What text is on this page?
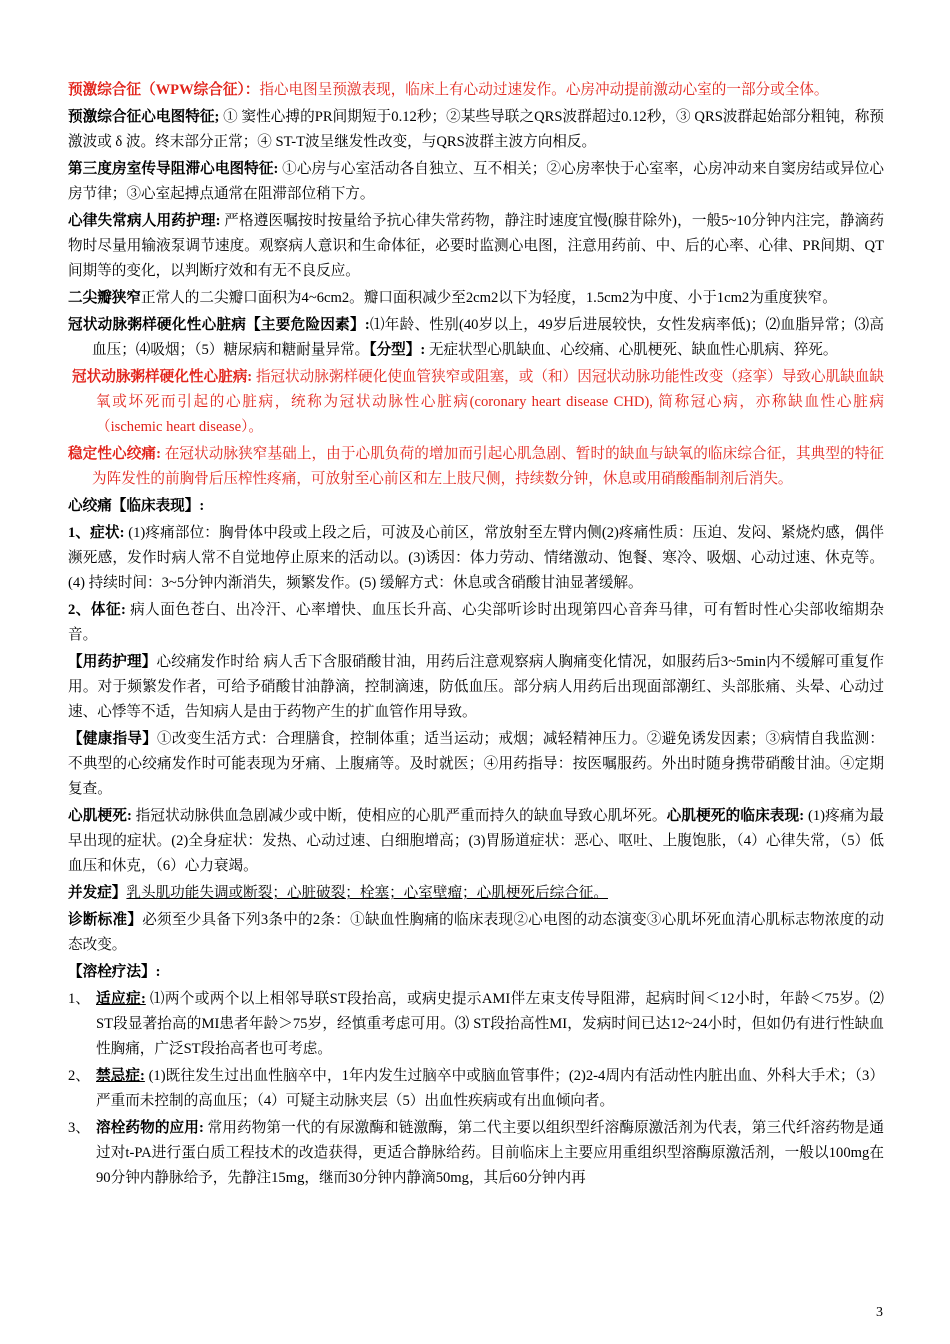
预激综合征（WPW综合征）：指心电图呈预激表现，临床上有心动过速发作。心房冲动提前激动心室的一部分或全体。

预激综合征心电图特征; ① 窦性心搏的PR间期短于0.12秒；②某些导联之QRS波群超过0.12秒，③ QRS波群起始部分粗钝，称预激波或 δ 波。终末部分正常；④ ST-T波呈继发性改变，与QRS波群主波方向相反。

第三度房室传导阻滞心电图特征: ①心房与心室活动各自独立、互不相关；②心房率快于心室率，心房冲动来自窦房结或异位心房节律；③心室起搏点通常在阻滞部位稍下方。

心律失常病人用药护理: 严格遵医嘱按时按量给予抗心律失常药物，静注时速度宜慢(腺苷除外)，一般5~10分钟内注完，静滴药物时尽量用输液泵调节速度。观察病人意识和生命体征，必要时监测心电图，注意用药前、中、后的心率、心律、PR间期、QT间期等的变化，以判断疗效和有无不良反应。

二尖瓣狭窄正常人的二尖瓣口面积为4~6cm2。瓣口面积减少至2cm2以下为轻度，1.5cm2为中度、小于1cm2为重度狭窄。

冠状动脉粥样硬化性心脏病【主要危险因素】:⑴年龄、性别(40岁以上，49岁后进展较快，女性发病率低)；⑵血脂异常；⑶高血压；⑷吸烟；（5）糖尿病和糖耐量异常。【分型】: 无症状型心肌缺血、心绞痛、心肌梗死、缺血性心肌病、猝死。

冠状动脉粥样硬化性心脏病: 指冠状动脉粥样硬化使血管狭窄或阻塞，或（和）因冠状动脉功能性改变（痉挛）导致心肌缺血缺氧或坏死而引起的心脏病，统称为冠状动脉性心脏病(coronary heart disease CHD), 简称冠心病，亦称缺血性心脏病（ischemic heart disease）。

稳定性心绞痛: 在冠状动脉狭窄基础上，由于心肌负荷的增加而引起心肌急剧、暂时的缺血与缺氧的临床综合征，其典型的特征为阵发性的前胸骨后压榨性疼痛，可放射至心前区和左上肢尺侧，持续数分钟，休息或用硝酸酯制剂后消失。

心绞痛【临床表现】:

1、症状: (1)疼痛部位：胸骨体中段或上段之后，可波及心前区，常放射至左臂内侧(2)疼痛性质：压迫、发闷、紧烧灼感，偶伴濒死感，发作时病人常不自觉地停止原来的活动以。(3)诱因：体力劳动、情绪激动、饱餐、寒冷、吸烟、心动过速、休克等。(4) 持续时间：3~5分钟内渐消失，频繁发作。(5) 缓解方式：休息或含硝酸甘油显著缓解。

2、体征: 病人面色苍白、出冷汗、心率增快、血压长升高、心尖部听诊时出现第四心音奔马律，可有暂时性心尖部收缩期杂音。

【用药护理】心绞痛发作时给 病人舌下含服硝酸甘油，用药后注意观察病人胸痛变化情况，如服药后3~5min内不缓解可重复作用。对于频繁发作者，可给予硝酸甘油静滴，控制滴速，防低血压。部分病人用药后出现面部潮红、头部胀痛、头晕、心动过速、心悸等不适，告知病人是由于药物产生的扩血管作用导致。

【健康指导】①改变生活方式：合理膳食，控制体重；适当运动；戒烟；减轻精神压力。②避免诱发因素；③病情自我监测：不典型的心绞痛发作时可能表现为牙痛、上腹痛等。及时就医；④用药指导：按医嘱服药。外出时随身携带硝酸甘油。④定期复查。

心肌梗死: 指冠状动脉供血急剧减少或中断，使相应的心肌严重而持久的缺血导致心肌坏死。心肌梗死的临床表现: (1)疼痛为最早出现的症状。(2)全身症状：发热、心动过速、白细胞增高；(3)胃肠道症状：恶心、呕吐、上腹饱胀，（4）心律失常，（5）低血压和休克，（6）心力衰竭。

并发症】乳头肌功能失调或断裂；心脏破裂；栓塞；心室壁瘤；心肌梗死后综合征。

诊断标准】必须至少具备下列3条中的2条：①缺血性胸痛的临床表现②心电图的动态演变③心肌坏死血清心肌标志物浓度的动态改变。

【溶栓疗法】:

1、 适应症: ⑴两个或两个以上相邻导联ST段抬高，或病史提示AMI伴左束支传导阻滞，起病时间＜12小时，年龄＜75岁。⑵ ST段显著抬高的MI患者年龄＞75岁，经慎重考虑可用。⑶ ST段抬高性MI，发病时间已达12~24小时，但如仍有进行性缺血性胸痛，广泛ST段抬高者也可考虑。
2、 禁忌症: (1)既往发生过出血性脑卒中，1年内发生过脑卒中或脑血管事件；(2)2-4周内有活动性内脏出血、外科大手术；（3）严重而未控制的高血压；（4）可疑主动脉夹层（5）出血性疾病或有出血倾向者。
3、 溶栓药物的应用: 常用药物第一代的有尿激酶和链激酶，第二代主要以组织型纤溶酶原激活剂为代表，第三代纤溶药物是通过对t-PA进行蛋白质工程技术的改造获得，更适合静脉给药。目前临床上主要应用重组织型溶酶原激活剂，一般以100mg在90分钟内静脉给予，先静注15mg，继而30分钟内静滴50mg，其后60分钟内再
3
